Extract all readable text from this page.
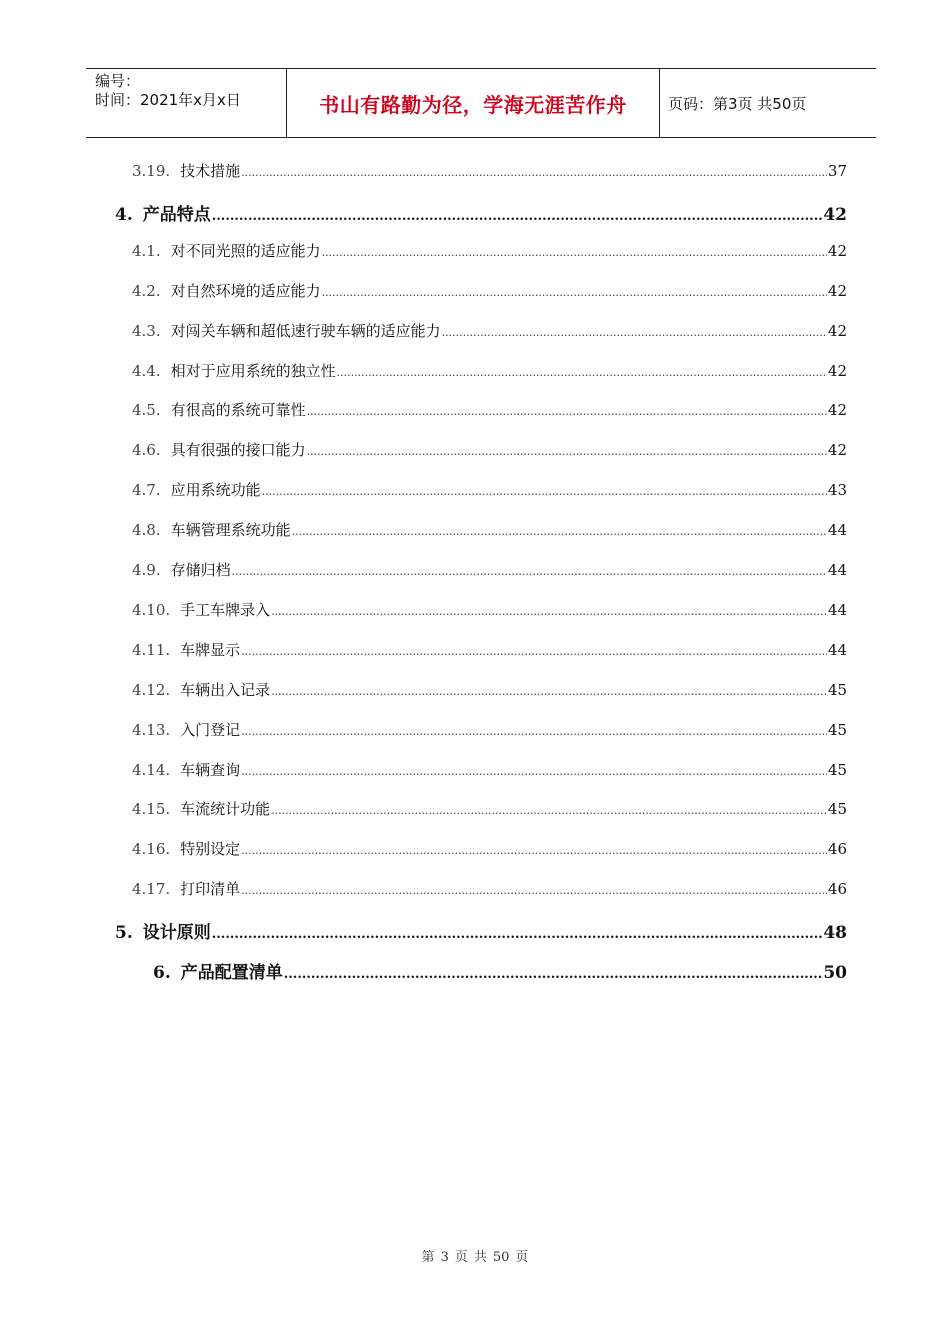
编号：
时间：2021年x月x日	书山有路勤为径，学海无涯苦作舟	页码：第3页 共50页
3.19. 技术措施 .....	37
4. 产品特点 .....	42
4.1. 对不同光照的适应能力 .....	42
4.2. 对自然环境的适应能力 .....	42
4.3. 对闯关车辆和超低速行驶车辆的适应能力 .....	42
4.4. 相对于应用系统的独立性 .....	42
4.5. 有很高的系统可靠性 .....	42
4.6. 具有很强的接口能力 .....	42
4.7. 应用系统功能 .....	43
4.8. 车辆管理系统功能 .....	44
4.9. 存储归档 .....	44
4.10. 手工车牌录入 .....	44
4.11. 车牌显示 .....	44
4.12. 车辆出入记录 .....	45
4.13. 入门登记 .....	45
4.14. 车辆查询 .....	45
4.15. 车流统计功能 .....	45
4.16. 特别设定 .....	46
4.17. 打印清单 .....	46
5. 设计原则 .....	48
6. 产品配置清单 .....	50
第 3 页 共 50 页
